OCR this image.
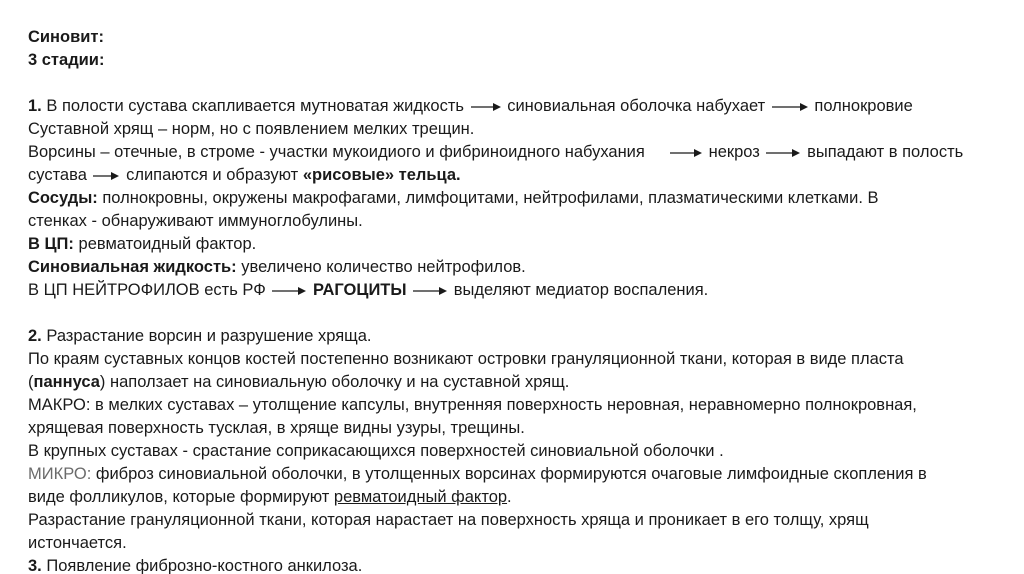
Синовит:
3 стадии:
1. В полости сустава скапливается мутноватая жидкость	синовиальная оболочка набухает	полнокровие
Суставной хрящ – норм, но с появлением мелких трещин.
Ворсины – отечные, в строме - участки мукоидиого и фибриноидного набухания	некроз	выпадают в полость
сустава слипаются и образуют «рисовые» тельца.
Сосуды: полнокровны, окружены макрофагами, лимфоцитами, нейтрофилами, плазматическими клетками. В
стенках - обнаруживают иммуноглобулины.
В ЦП: ревматоидный фактор.
Синовиальная жидкость: увеличено количество нейтрофилов.
В ЦП НЕЙТРОФИЛОВ есть РФ	РАГОЦИТЫ	выделяют медиатор воспаления.
2. Разрастание ворсин и разрушение хряща.
По краям суставных концов костей постепенно возникают островки грануляционной ткани, которая в виде пласта
(паннуса) наползает на синовиальную оболочку и на суставной хрящ.
МАКРО: в мелких суставах – утолщение капсулы, внутренняя поверхность неровная, неравномерно полнокровная,
хрящевая поверхность тусклая, в хряще видны узуры, трещины.
В крупных суставах - срастание соприкасающихся поверхностей синовиальной оболочки .
МИКРО: фиброз синовиальной оболочки, в утолщенных ворсинах формируются очаговые лимфоидные скопления в
виде фолликулов, которые формируют ревматоидный фактор.
Разрастание грануляционной ткани, которая нарастает на поверхность хряща и проникает в его толщу, хрящ
истончается.
3. Появление фиброзно-костного анкилоза.
